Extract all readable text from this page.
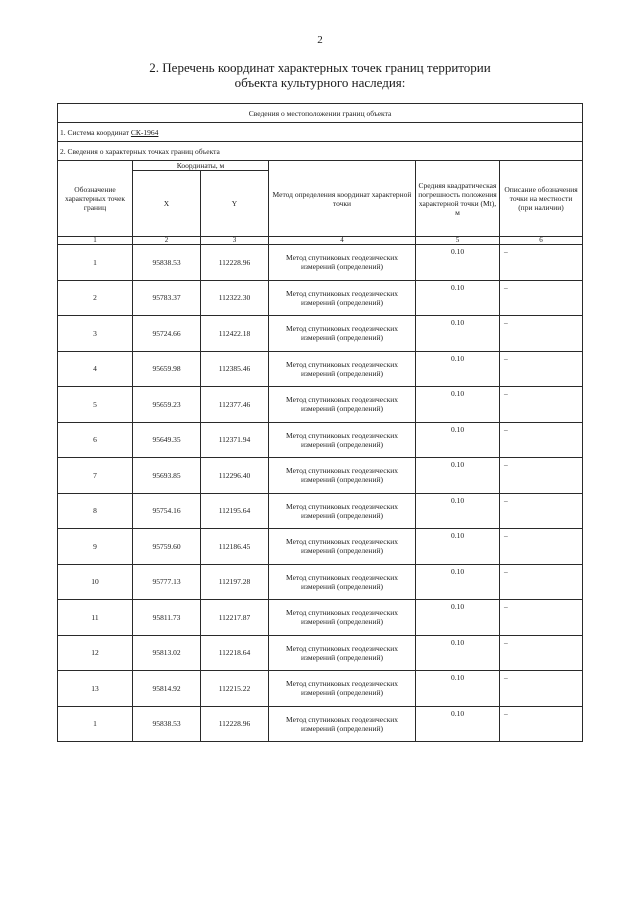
2
2. Перечень координат характерных точек границ территории
объекта культурного наследия:
Сведения о местоположении границ объекта					
1. Система координат СК-1964					
2. Сведения о характерных точках границ объекта					
Обозначение характерных точек границ	Координаты, м		Метод определения координат характерной точки	Средняя квадратическая погрешность положения характерной точки (Mt), м	Описание обозначения точки на местности (при наличии)
	X	Y			
1	2	3	4	5	6
1	95838.53	112228.96	Метод спутниковых геодезических измерений (определений)	0.10	–
2	95783.37	112322.30	Метод спутниковых геодезических измерений (определений)	0.10	–
3	95724.66	112422.18	Метод спутниковых геодезических измерений (определений)	0.10	–
4	95659.98	112385.46	Метод спутниковых геодезических измерений (определений)	0.10	–
5	95659.23	112377.46	Метод спутниковых геодезических измерений (определений)	0.10	–
6	95649.35	112371.94	Метод спутниковых геодезических измерений (определений)	0.10	–
7	95693.85	112296.40	Метод спутниковых геодезических измерений (определений)	0.10	–
8	95754.16	112195.64	Метод спутниковых геодезических измерений (определений)	0.10	–
9	95759.60	112186.45	Метод спутниковых геодезических измерений (определений)	0.10	–
10	95777.13	112197.28	Метод спутниковых геодезических измерений (определений)	0.10	–
11	95811.73	112217.87	Метод спутниковых геодезических измерений (определений)	0.10	–
12	95813.02	112218.64	Метод спутниковых геодезических измерений (определений)	0.10	–
13	95814.92	112215.22	Метод спутниковых геодезических измерений (определений)	0.10	–
1	95838.53	112228.96	Метод спутниковых геодезических измерений (определений)	0.10	–
